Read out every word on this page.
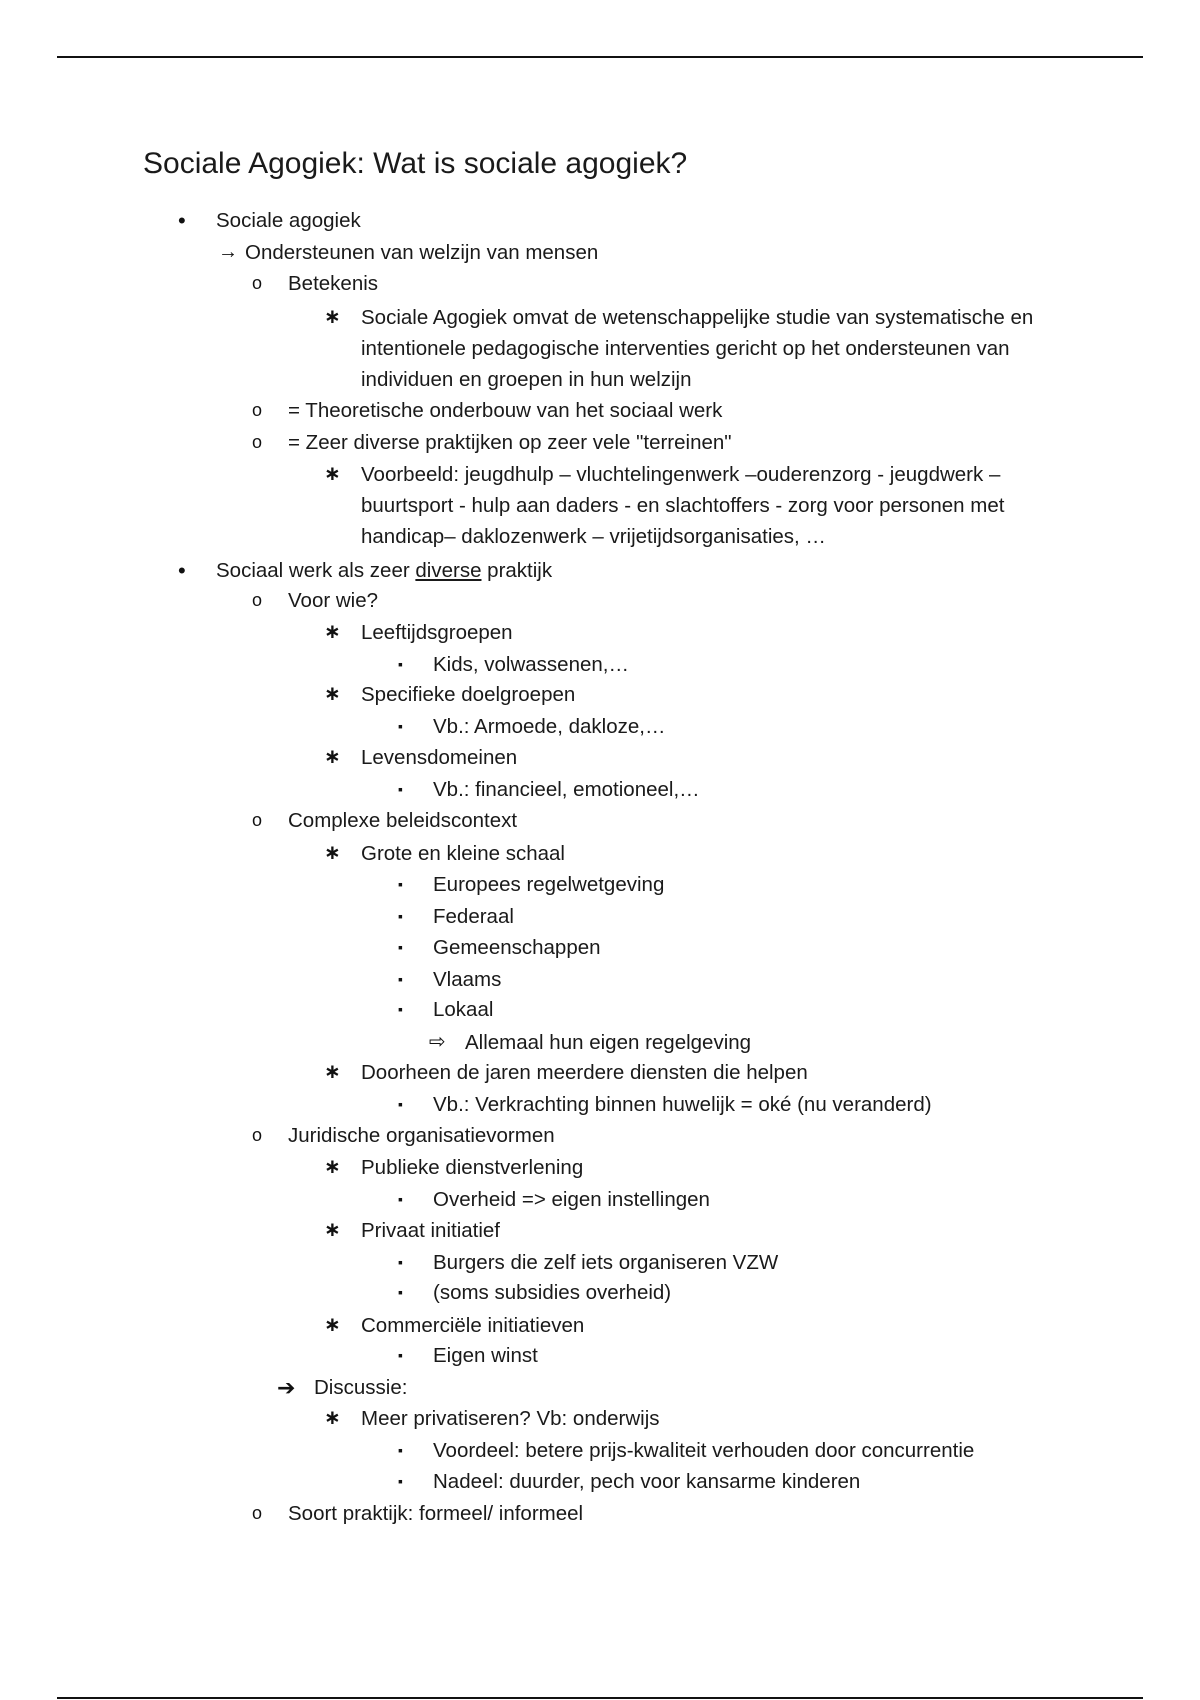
Sociale Agogiek: Wat is sociale agogiek?
• Sociale agogiek
→ Ondersteunen van welzijn van mensen
o Betekenis
∗ Sociale Agogiek omvat de wetenschappelijke studie van systematische en intentionele pedagogische interventies gericht op het ondersteunen van individuen en groepen in hun welzijn
o = Theoretische onderbouw van het sociaal werk
o = Zeer diverse praktijken op zeer vele "terreinen"
∗ Voorbeeld: jeugdhulp – vluchtelingenwerk –ouderenzorg - jeugdwerk – buurtsport - hulp aan daders - en slachtoffers - zorg voor personen met handicap– daklozenwerk – vrijetijdsorganisaties, …
• Sociaal werk als zeer diverse praktijk
o Voor wie?
∗ Leeftijdsgroepen
▪ Kids, volwassenen,…
∗ Specifieke doelgroepen
▪ Vb.: Armoede, dakloze,…
∗ Levensdomeinen
▪ Vb.: financieel, emotioneel,…
o Complexe beleidscontext
∗ Grote en kleine schaal
▪ Europees regelwetgeving
▪ Federaal
▪ Gemeenschappen
▪ Vlaams
▪ Lokaal
⇨ Allemaal hun eigen regelgeving
∗ Doorheen de jaren meerdere diensten die helpen
▪ Vb.: Verkrachting binnen huwelijk = oké (nu veranderd)
o Juridische organisatievormen
∗ Publieke dienstverlening
▪ Overheid => eigen instellingen
∗ Privaat initiatief
▪ Burgers die zelf iets organiseren VZW
▪ (soms subsidies overheid)
∗ Commerciële initiatieven
▪ Eigen winst
➔ Discussie:
∗ Meer privatiseren? Vb: onderwijs
▪ Voordeel: betere prijs-kwaliteit verhouden door concurrentie
▪ Nadeel: duurder, pech voor kansarme kinderen
o Soort praktijk: formeel/ informeel
